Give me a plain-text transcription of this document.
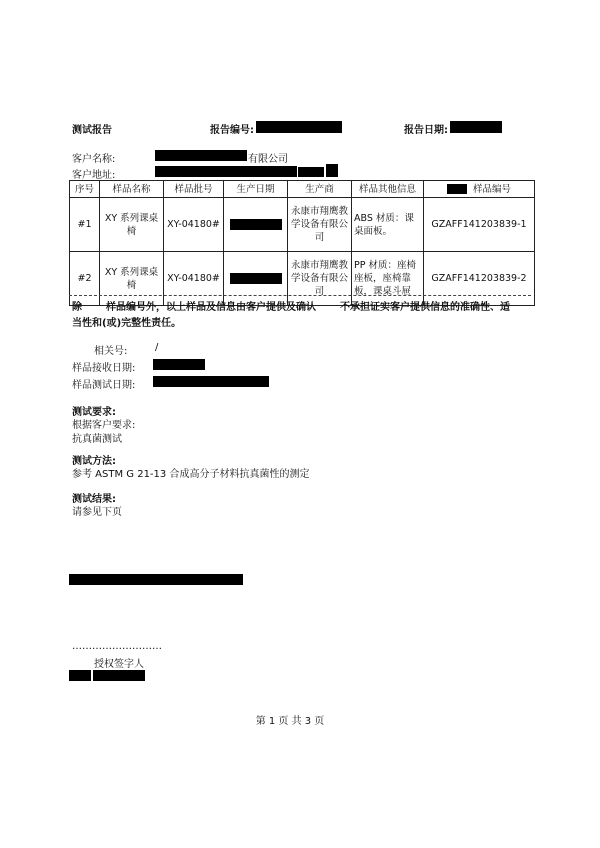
测试报告	报告编号:	报告日期:
客户名称:	有限公司
客户地址:
序号	样品名称	样品批号	生产日期	生产商	样品其他信息	样品编号
#1	XY 系列课桌椅	XY-04180#		永康市翔鹰教学设备有限公司	ABS 材质：课桌面板。	GZAFF141203839-1
#2	XY 系列课桌椅	XY-04180#		永康市翔鹰教学设备有限公司	PP 材质：座椅座板，座椅靠板，课桌斗屉	GZAFF141203839-2
除 样品编号外，以上样品及信息由客户提供及确认 不承担证实客户提供信息的准确性、适
当性和(或)完整性责任。
相关号:	/
样品接收日期:
样品测试日期:
测试要求:
根据客户要求:
抗真菌测试
测试方法:
参考 ASTM G 21-13 合成高分子材料抗真菌性的测定
测试结果:
请参见下页
………………………
授权签字人
第 1 页 共 3 页
